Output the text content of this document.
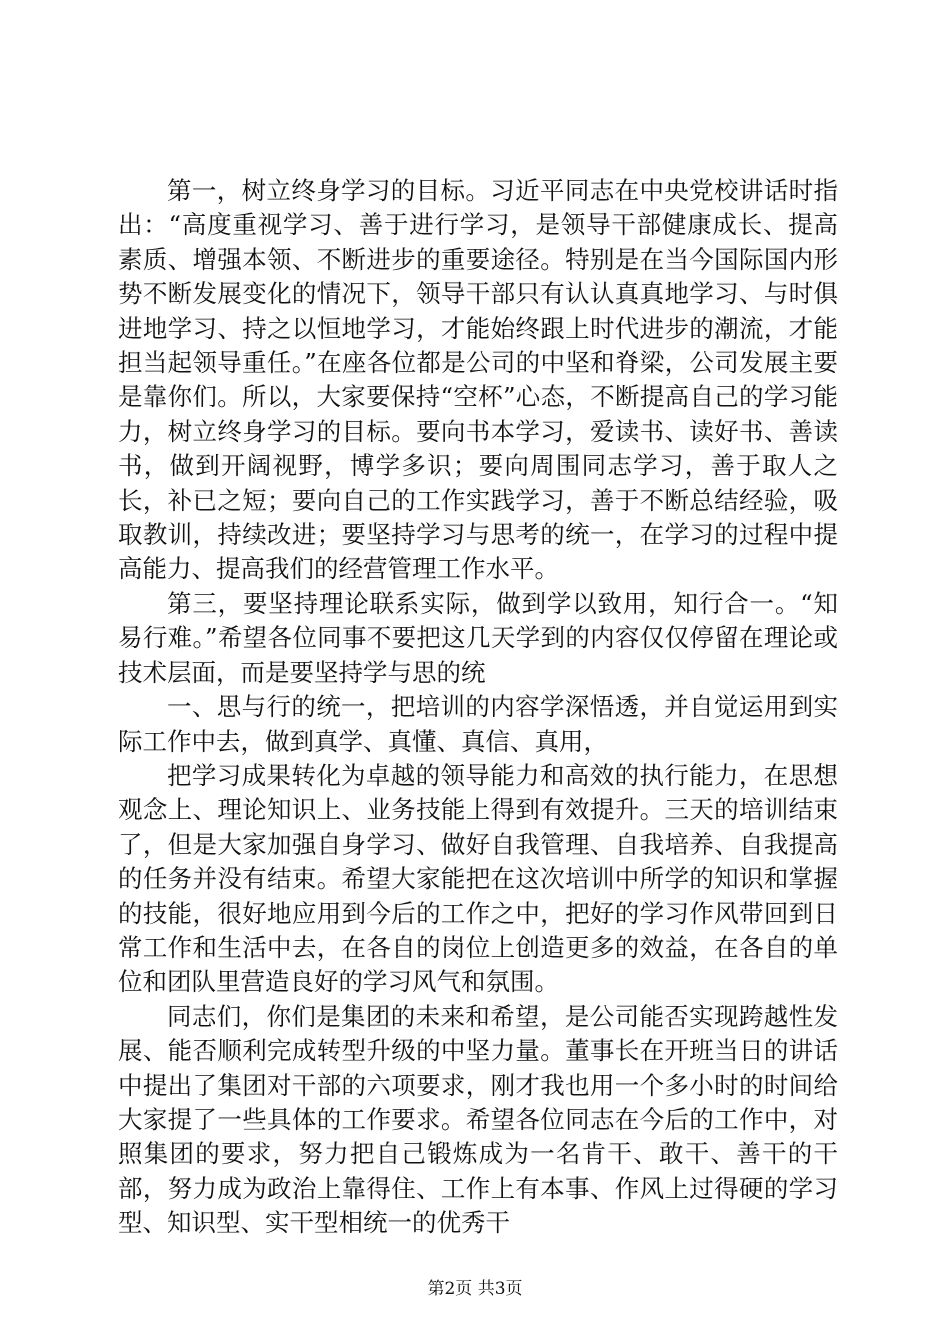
第一，树立终身学习的目标。习近平同志在中央党校讲话时指出：“高度重视学习、善于进行学习，是领导干部健康成长、提高素质、增强本领、不断进步的重要途径。特别是在当今国际国内形势不断发展变化的情况下，领导干部只有认认真真地学习、与时俱进地学习、持之以恒地学习，才能始终跟上时代进步的潮流，才能担当起领导重任。”在座各位都是公司的中坚和脊梁，公司发展主要是靠你们。所以，大家要保持“空杯”心态，不断提高自己的学习能力，树立终身学习的目标。要向书本学习，爱读书、读好书、善读书，做到开阔视野，博学多识；要向周围同志学习，善于取人之长，补已之短；要向自己的工作实践学习，善于不断总结经验，吸取教训，持续改进；要坚持学习与思考的统一，在学习的过程中提高能力、提高我们的经营管理工作水平。

第三，要坚持理论联系实际，做到学以致用，知行合一。“知易行难。”希望各位同事不要把这几天学到的内容仅仅停留在理论或技术层面，而是要坚持学与思的统

一、思与行的统一，把培训的内容学深悟透，并自觉运用到实际工作中去，做到真学、真懂、真信、真用，

把学习成果转化为卓越的领导能力和高效的执行能力，在思想观念上、理论知识上、业务技能上得到有效提升。三天的培训结束了，但是大家加强自身学习、做好自我管理、自我培养、自我提高的任务并没有结束。希望大家能把在这次培训中所学的知识和掌握的技能，很好地应用到今后的工作之中，把好的学习作风带回到日常工作和生活中去，在各自的岗位上创造更多的效益，在各自的单位和团队里营造良好的学习风气和氛围。

同志们，你们是集团的未来和希望，是公司能否实现跨越性发展、能否顺利完成转型升级的中坚力量。董事长在开班当日的讲话中提出了集团对干部的六项要求，刚才我也用一个多小时的时间给大家提了一些具体的工作要求。希望各位同志在今后的工作中，对照集团的要求，努力把自己锻炼成为一名肯干、敢干、善干的干部，努力成为政治上靠得住、工作上有本事、作风上过得硬的学习型、知识型、实干型相统一的优秀干

第2页 共3页
